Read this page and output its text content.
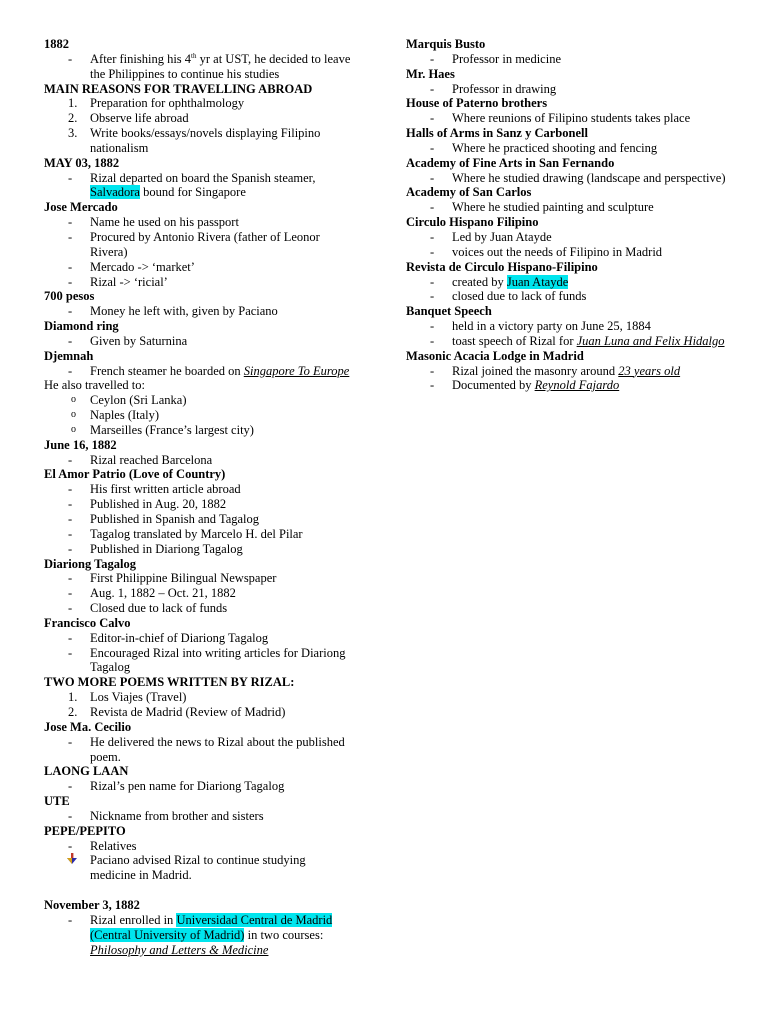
1882
-	After finishing his 4th yr at UST, he decided to leave the Philippines to continue his studies
MAIN REASONS FOR TRAVELLING ABROAD
1.	Preparation for ophthalmology
2.	Observe life abroad
3.	Write books/essays/novels displaying Filipino nationalism
MAY 03, 1882
-	Rizal departed on board the Spanish steamer, Salvadora bound for Singapore
Jose Mercado
-	Name he used on his passport
-	Procured by Antonio Rivera (father of Leonor Rivera)
-	Mercado -> ‘market’
-	Rizal -> ‘ricial’
700 pesos
-	Money he left with, given by Paciano
Diamond ring
-	Given by Saturnina
Djemnah
-	French steamer he boarded on Singapore To Europe
He also travelled to:
o	Ceylon (Sri Lanka)
o	Naples (Italy)
o	Marseilles (France’s largest city)
June 16, 1882
-	Rizal reached Barcelona
El Amor Patrio (Love of Country)
-	His first written article abroad
-	Published in Aug. 20, 1882
-	Published in Spanish and Tagalog
-	Tagalog translated by Marcelo H. del Pilar
-	Published in Diariong Tagalog
Diariong Tagalog
-	First Philippine Bilingual Newspaper
-	Aug. 1, 1882 – Oct. 21, 1882
-	Closed due to lack of funds
Francisco Calvo
-	Editor-in-chief of Diariong Tagalog
-	Encouraged Rizal into writing articles for Diariong Tagalog
TWO MORE POEMS WRITTEN BY RIZAL:
1.	Los Viajes (Travel)
2.	Revista de Madrid (Review of Madrid)
Jose Ma. Cecilio
-	He delivered the news to Rizal about the published poem.
LAONG LAAN
-	Rizal’s pen name for Diariong Tagalog
UTE
-	Nickname from brother and sisters
PEPE/PEPITO
-	Relatives
Paciano advised Rizal to continue studying medicine in Madrid.
November 3, 1882
-	Rizal enrolled in Universidad Central de Madrid (Central University of Madrid) in two courses: Philosophy and Letters & Medicine
Marquis Busto
-	Professor in medicine
Mr. Haes
-	Professor in drawing
House of Paterno brothers
-	Where reunions of Filipino students takes place
Halls of Arms in Sanz y Carbonell
-	Where he practiced shooting and fencing
Academy of Fine Arts in San Fernando
-	Where he studied drawing (landscape and perspective)
Academy of San Carlos
-	Where he studied painting and sculpture
Circulo Hispano Filipino
-	Led by Juan Atayde
-	voices out the needs of Filipino in Madrid
Revista de Circulo Hispano-Filipino
-	created by Juan Atayde
-	closed due to lack of funds
Banquet Speech
-	held in a victory party on June 25, 1884
-	toast speech of Rizal for Juan Luna and Felix Hidalgo
Masonic Acacia Lodge in Madrid
-	Rizal joined the masonry around 23 years old
-	Documented by Reynold Fajardo
